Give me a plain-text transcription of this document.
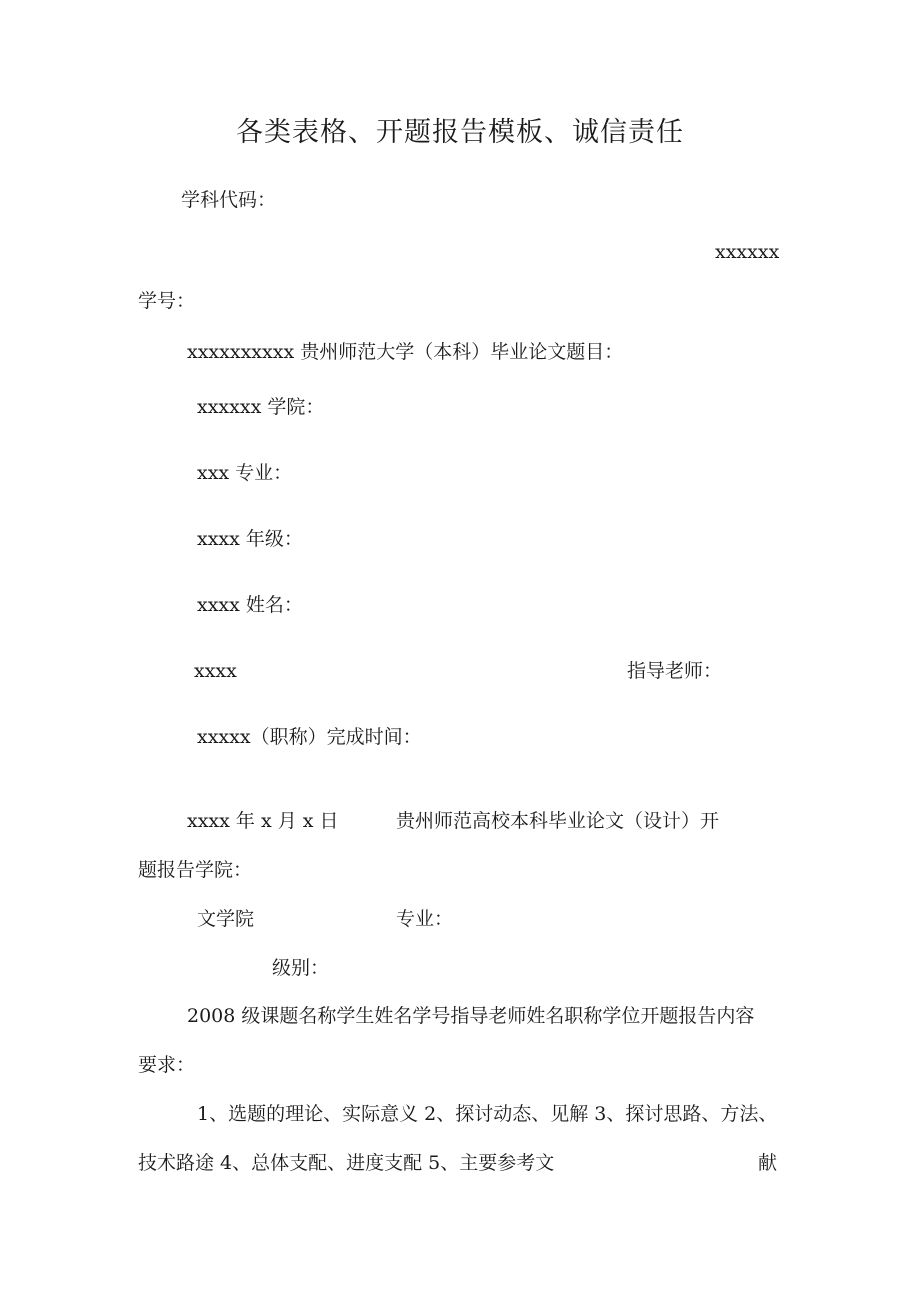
各类表格、开题报告模板、诚信责任
学科代码：
xxxxxx
学号：
xxxxxxxxxx 贵州师范大学（本科）毕业论文题目：
xxxxxx 学院：
xxx 专业：
xxxx 年级：
xxxx 姓名：
xxxx	指导老师：
xxxxx（职称）完成时间：
xxxx 年 x 月 x 日	贵州师范高校本科毕业论文（设计）开
题报告学院：
文学院	专业：
级别：
2008 级课题名称学生姓名学号指导老师姓名职称学位开题报告内容
要求：
1、选题的理论、实际意义 2、探讨动态、见解 3、探讨思路、方法、
技术路途 4、总体支配、进度支配 5、主要参考文	献
